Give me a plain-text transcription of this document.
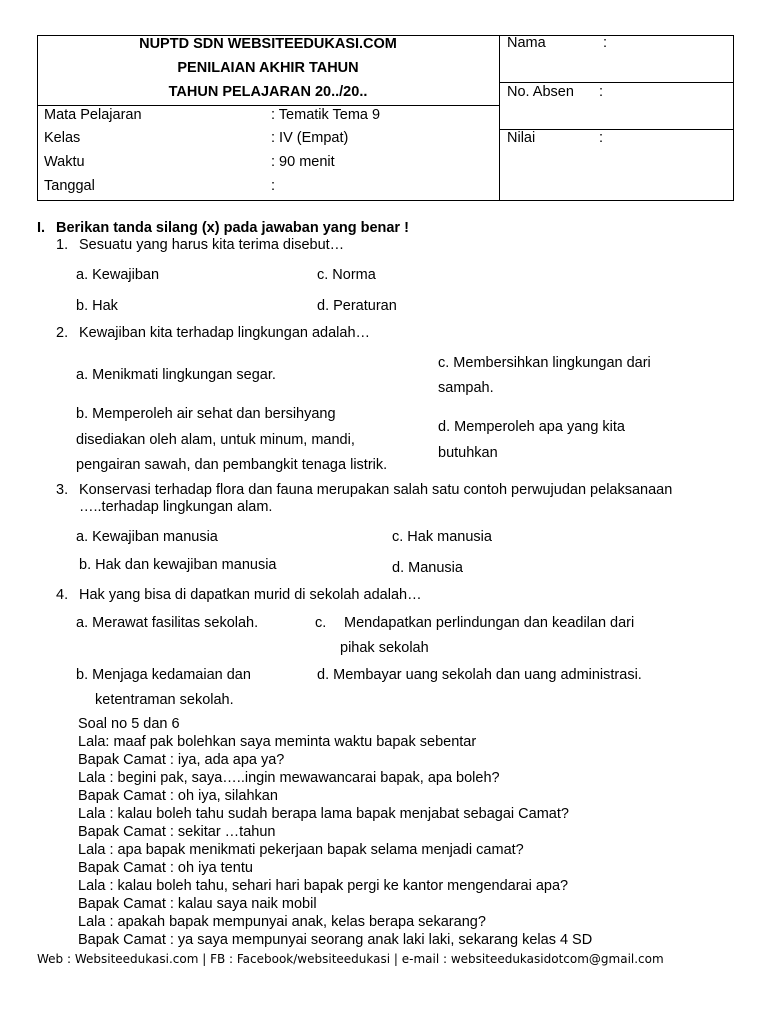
NUPTD SDN WEBSITEEDUKASI.COM
PENILAIAN AKHIR TAHUN
TAHUN PELAJARAN 20../20..
Mata Pelajaran	: Tematik Tema 9
Kelas	: IV (Empat)
Waktu	: 90 menit
Tanggal	:
Nama	:
No. Absen :
Nilai	:
I. Berikan tanda silang (x) pada jawaban yang benar !
1. Sesuatu yang harus kita terima disebut…
a. Kewajiban	c. Norma
b. Hak	d. Peraturan
2. Kewajiban kita terhadap lingkungan adalah…
a. Menikmati lingkungan segar.
c. Membersihkan lingkungan dari
sampah.
b. Memperoleh air sehat dan bersihyang
disediakan oleh alam, untuk minum, mandi,
pengairan sawah, dan pembangkit tenaga listrik.
d. Memperoleh apa yang kita
butuhkan
3. Konservasi terhadap flora dan fauna merupakan salah satu contoh perwujudan pelaksanaan
…..terhadap lingkungan alam.
a. Kewajiban manusia	c. Hak manusia
b. Hak dan kewajiban manusia	d. Manusia
4. Hak yang bisa di dapatkan murid di sekolah adalah…
a. Merawat fasilitas sekolah.	c. Mendapatkan perlindungan dan keadilan dari
pihak sekolah
b. Menjaga kedamaian dan
ketentraman sekolah.
d. Membayar uang sekolah dan uang administrasi.
Soal no 5 dan 6
Lala: maaf pak bolehkan saya meminta waktu bapak sebentar
Bapak Camat : iya, ada apa ya?
Lala : begini pak, saya…..ingin mewawancarai bapak, apa boleh?
Bapak Camat : oh iya, silahkan
Lala : kalau boleh tahu sudah berapa lama bapak menjabat sebagai Camat?
Bapak Camat : sekitar …tahun
Lala : apa bapak menikmati pekerjaan bapak selama menjadi camat?
Bapak Camat : oh iya tentu
Lala : kalau boleh tahu, sehari hari bapak pergi ke kantor mengendarai apa?
Bapak Camat : kalau saya naik mobil
Lala : apakah bapak mempunyai anak, kelas berapa sekarang?
Bapak Camat : ya saya mempunyai seorang anak laki laki, sekarang kelas 4 SD
Web : Websiteedukasi.com | FB : Facebook/websiteedukasi | e-mail : websiteedukasidotcom@gmail.com
